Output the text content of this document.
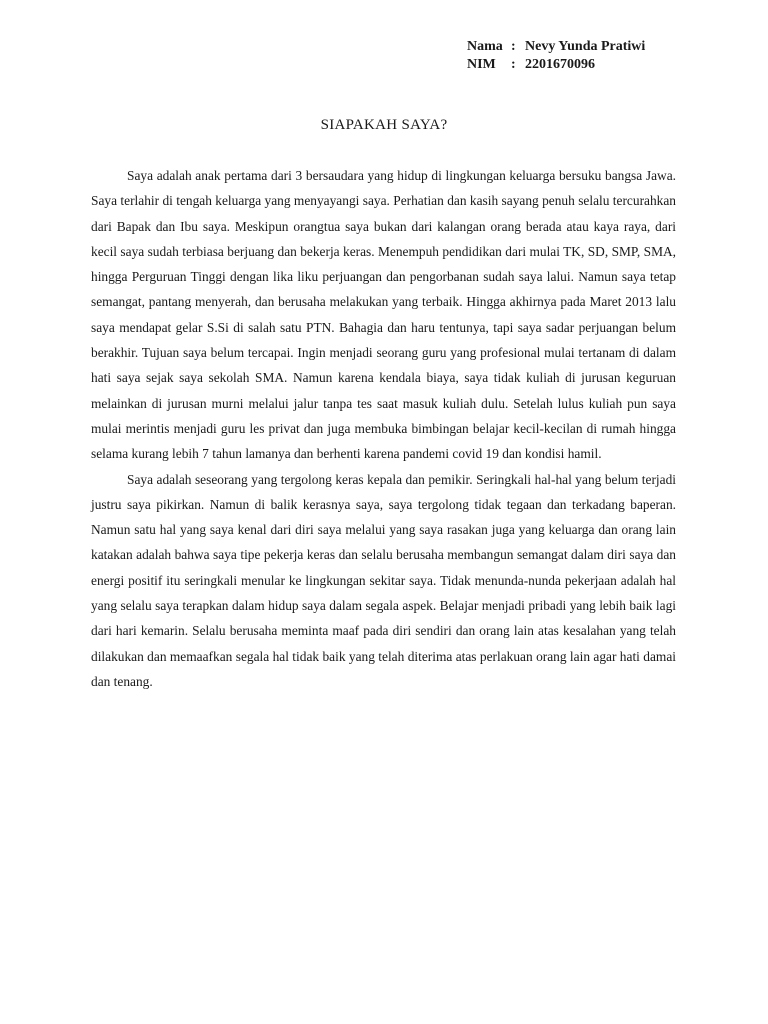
Nama : Nevy Yunda Pratiwi
NIM	: 2201670096
SIAPAKAH SAYA?

Saya adalah anak pertama dari 3 bersaudara yang hidup di lingkungan keluarga bersuku bangsa Jawa. Saya terlahir di tengah keluarga yang menyayangi saya. Perhatian dan kasih sayang penuh selalu tercurahkan dari Bapak dan Ibu saya. Meskipun orangtua saya bukan dari kalangan orang berada atau kaya raya, dari kecil saya sudah terbiasa berjuang dan bekerja keras. Menempuh pendidikan dari mulai TK, SD, SMP, SMA, hingga Perguruan Tinggi dengan lika liku perjuangan dan pengorbanan sudah saya lalui. Namun saya tetap semangat, pantang menyerah, dan berusaha melakukan yang terbaik. Hingga akhirnya pada Maret 2013 lalu saya mendapat gelar S.Si di salah satu PTN. Bahagia dan haru tentunya, tapi saya sadar perjuangan belum berakhir. Tujuan saya belum tercapai. Ingin menjadi seorang guru yang profesional mulai tertanam di dalam hati saya sejak saya sekolah SMA. Namun karena kendala biaya, saya tidak kuliah di jurusan keguruan melainkan di jurusan murni melalui jalur tanpa tes saat masuk kuliah dulu. Setelah lulus kuliah pun saya mulai merintis menjadi guru les privat dan juga membuka bimbingan belajar kecil-kecilan di rumah hingga selama kurang lebih 7 tahun lamanya dan berhenti karena pandemi covid 19 dan kondisi hamil.

Saya adalah seseorang yang tergolong keras kepala dan pemikir. Seringkali hal-hal yang belum terjadi justru saya pikirkan. Namun di balik kerasnya saya, saya tergolong tidak tegaan dan terkadang baperan. Namun satu hal yang saya kenal dari diri saya melalui yang saya rasakan juga yang keluarga dan orang lain katakan adalah bahwa saya tipe pekerja keras dan selalu berusaha membangun semangat dalam diri saya dan energi positif itu seringkali menular ke lingkungan sekitar saya. Tidak menunda-nunda pekerjaan adalah hal yang selalu saya terapkan dalam hidup saya dalam segala aspek. Belajar menjadi pribadi yang lebih baik lagi dari hari kemarin. Selalu berusaha meminta maaf pada diri sendiri dan orang lain atas kesalahan yang telah dilakukan dan memaafkan segala hal tidak baik yang telah diterima atas perlakuan orang lain agar hati damai dan tenang.
